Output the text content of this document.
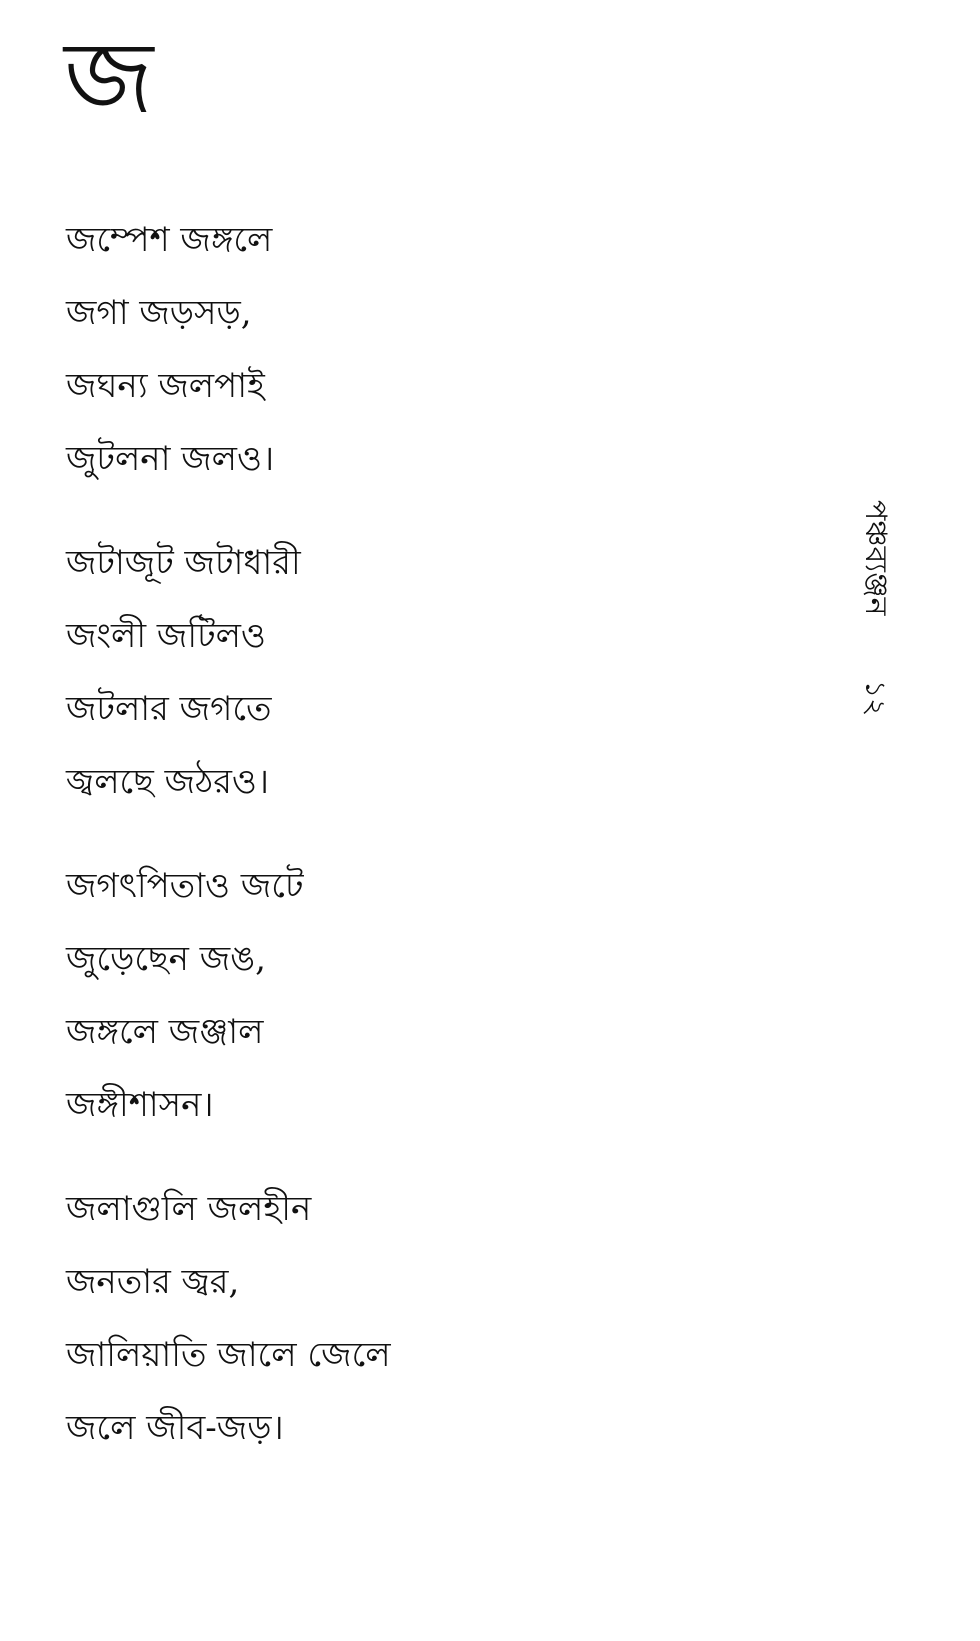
জ
জম্পেশ জঙ্গলে
জগা জড়সড়,
জঘন্য জলপাই
জুটলনা জলও।
জটাজূট জটাধারী
জংলী জটিলও
জটলার জগতে
জ্বলছে জঠরও।
জগৎপিতাও জটে
জুড়েছেন জঙ,
জঙ্গলে জঞ্জাল
জঙ্গীশাসন।
জলাগুলি জলহীন
জনতার জ্বর,
জালিয়াতি জালে জেলে
জলে জীব-জড়।
পঞ্চব্যঞ্জন
১২
